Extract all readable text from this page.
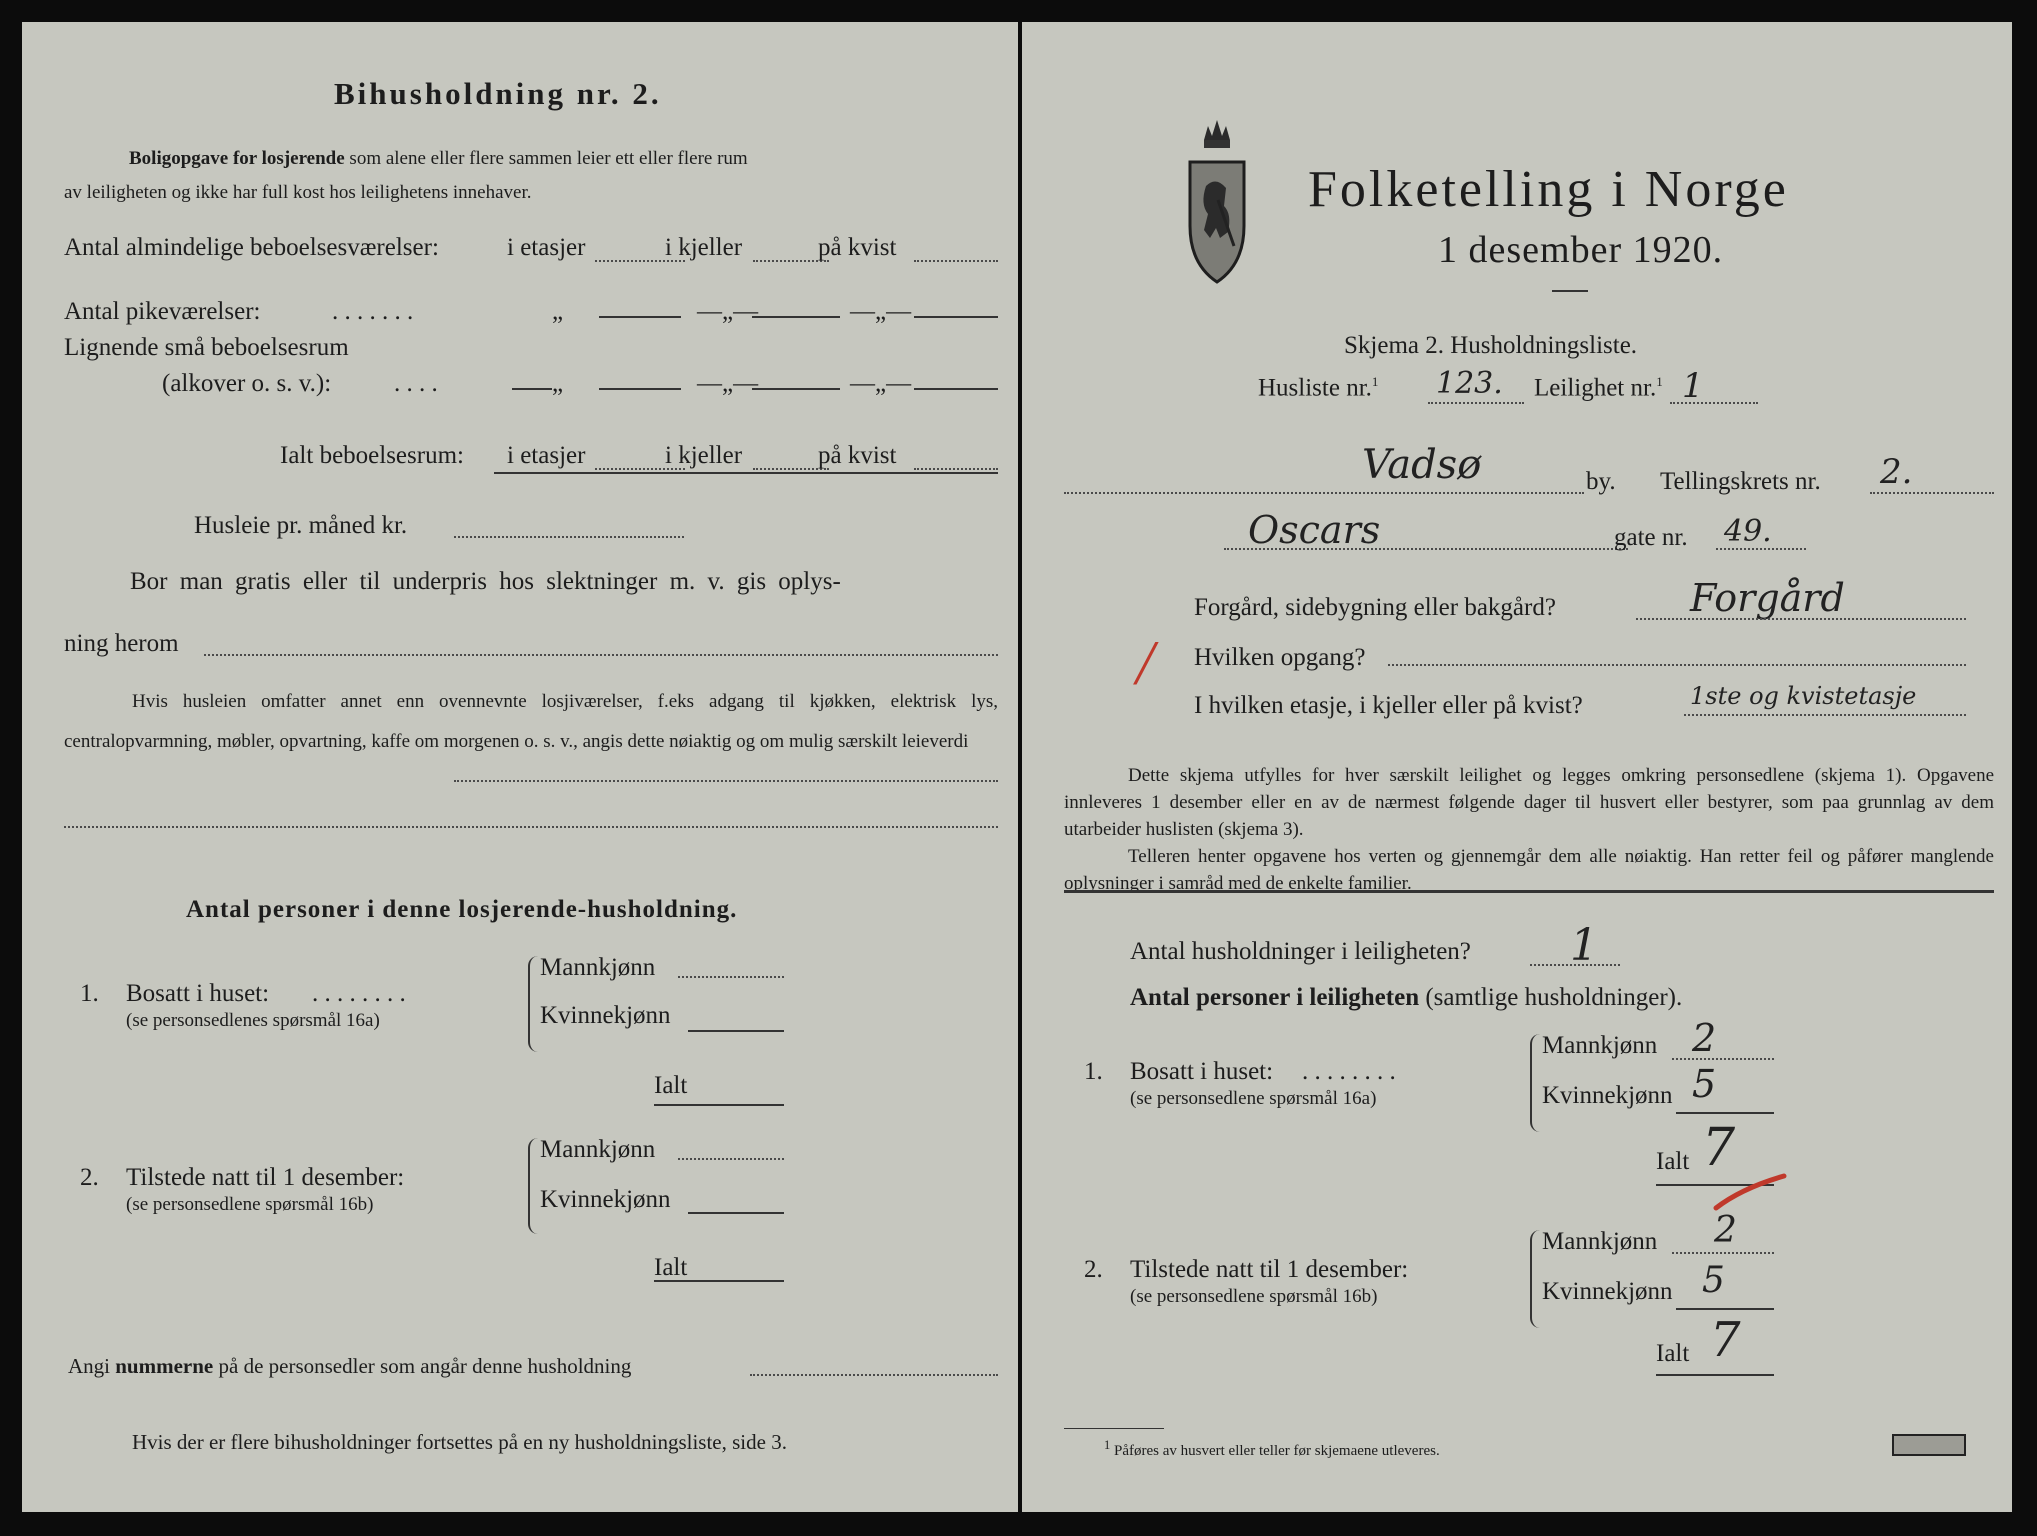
Bihusholdning nr. 2.
Boligopgave for losjerende som alene eller flere sammen leier ett eller flere rum
av leiligheten og ikke har full kost hos leilighetens innehaver.
Antal almindelige beboelsesværelser:	i etasjer	i kjeller	på kvist
Antal pikeværelser:	. . . . . . .	„	—„—	—„—
Lignende små beboelsesrum
(alkover o. s. v.):	. . . .	„	—„—	—„—
Ialt beboelsesrum: i etasjer	i kjeller	på kvist
Husleie pr. måned kr.
Bor man gratis eller til underpris hos slektninger m. v. gis oplys-
ning herom

Hvis husleien omfatter annet enn ovennevnte losjiværelser, f.eks adgang til kjøkken, elektrisk lys, centralopvarmning, møbler, opvartning, kaffe om morgenen o. s. v., angis dette nøiaktig og om mulig særskilt leieverdi

Antal personer i denne losjerende-husholdning.
1. Bosatt i huset: . . . . . . . .
(se personsedlenes spørsmål 16a)
Mannkjønn
Kvinnekjønn
Ialt
2. Tilstede natt til 1 desember:
(se personsedlene spørsmål 16b)
Mannkjønn
Kvinnekjønn
Ialt
Angi nummerne på de personsedler som angår denne husholdning
Hvis der er flere bihusholdninger fortsettes på en ny husholdningsliste, side 3.
Folketelling i Norge
1 desember 1920.
Skjema 2. Husholdningsliste.
Husliste nr.$^1$ 123. Leilighet nr.$^1$ 1
Vadsø	by. Tellingskrets nr. 2.
Oscars	gate nr. 49.
Forgård, sidebygning eller bakgård?	Forgård
/ Hvilken opgang?
I hvilken etasje, i kjeller eller på kvist?	1ste og kvistetasje

Dette skjema utfylles for hver særskilt leilighet og legges omkring personsedlene (skjema 1). Opgavene innleveres 1 desember eller en av de nærmest følgende dager til husvert eller bestyrer, som paa grunnlag av dem utarbeider huslisten (skjema 3).

Telleren henter opgavene hos verten og gjennemgår dem alle nøiaktig. Han retter feil og påfører manglende oplysninger i samråd med de enkelte familier.

Antal husholdninger i leiligheten? 1
Antal personer i leiligheten (samtlige husholdninger).
1. Bosatt i huset: . . . . . . . .
(se personsedlene spørsmål 16a)
Mannkjønn 2
Kvinnekjønn 5
Ialt 7
2. Tilstede natt til 1 desember:
(se personsedlene spørsmål 16b)
Mannkjønn 2
Kvinnekjønn 5
Ialt 7
$^1$ Påføres av husvert eller teller før skjemaene utleveres.
